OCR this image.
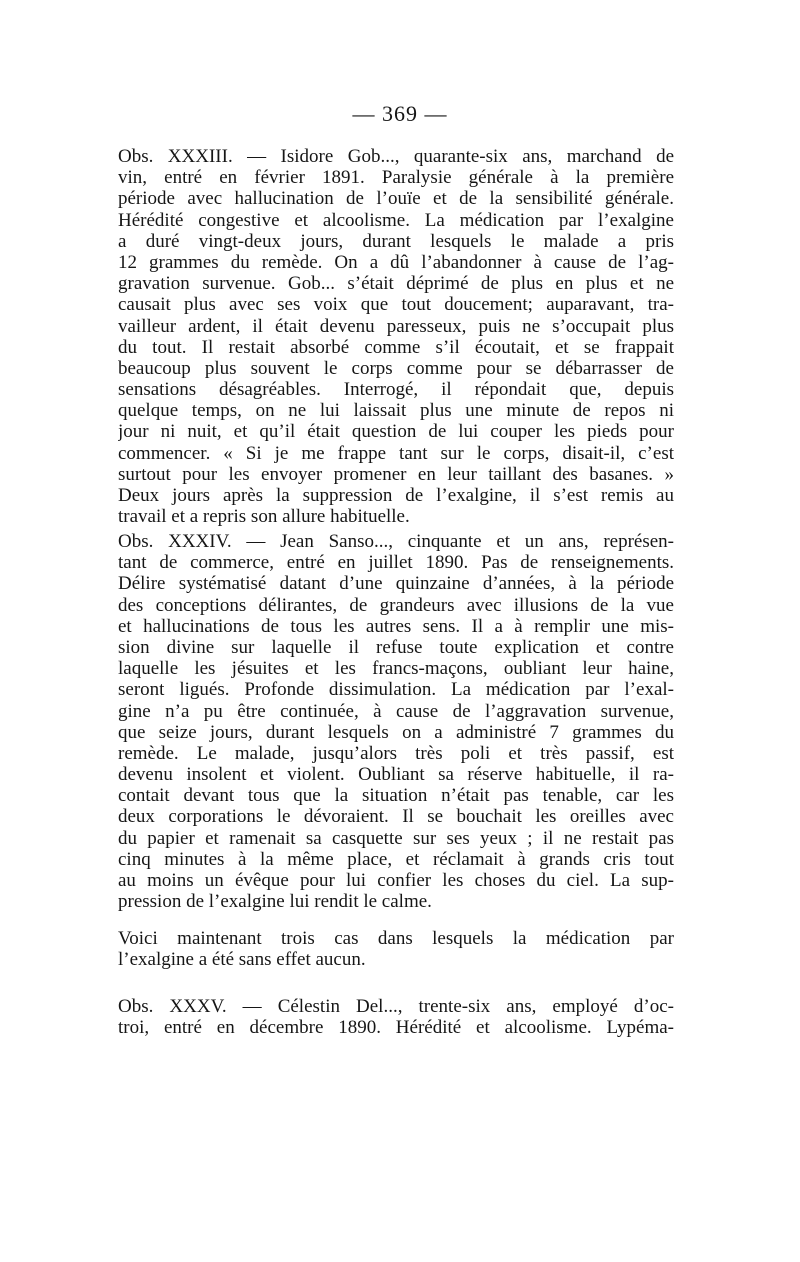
— 369 —
Obs. XXXIII. — Isidore Gob..., quarante-six ans, marchand de
vin, entré en février 1891. Paralysie générale à la première
période avec hallucination de l’ouïe et de la sensibilité générale.
Hérédité congestive et alcoolisme. La médication par l’exalgine
a duré vingt-deux jours, durant lesquels le malade a pris
12 grammes du remède. On a dû l’abandonner à cause de l’ag-
gravation survenue. Gob... s’était déprimé de plus en plus et ne
causait plus avec ses voix que tout doucement; auparavant, tra-
vailleur ardent, il était devenu paresseux, puis ne s’occupait plus
du tout. Il restait absorbé comme s’il écoutait, et se frappait
beaucoup plus souvent le corps comme pour se débarrasser de
sensations désagréables. Interrogé, il répondait que, depuis
quelque temps, on ne lui laissait plus une minute de repos ni
jour ni nuit, et qu’il était question de lui couper les pieds pour
commencer. « Si je me frappe tant sur le corps, disait-il, c’est
surtout pour les envoyer promener en leur taillant des basanes. »
Deux jours après la suppression de l’exalgine, il s’est remis au
travail et a repris son allure habituelle.
Obs. XXXIV. — Jean Sanso..., cinquante et un ans, représen-
tant de commerce, entré en juillet 1890. Pas de renseignements.
Délire systématisé datant d’une quinzaine d’années, à la période
des conceptions délirantes, de grandeurs avec illusions de la vue
et hallucinations de tous les autres sens. Il a à remplir une mis-
sion divine sur laquelle il refuse toute explication et contre
laquelle les jésuites et les francs-maçons, oubliant leur haine,
seront ligués. Profonde dissimulation. La médication par l’exal-
gine n’a pu être continuée, à cause de l’aggravation survenue,
que seize jours, durant lesquels on a administré 7 grammes du
remède. Le malade, jusqu’alors très poli et très passif, est
devenu insolent et violent. Oubliant sa réserve habituelle, il ra-
contait devant tous que la situation n’était pas tenable, car les
deux corporations le dévoraient. Il se bouchait les oreilles avec
du papier et ramenait sa casquette sur ses yeux ; il ne restait pas
cinq minutes à la même place, et réclamait à grands cris tout
au moins un évêque pour lui confier les choses du ciel. La sup-
pression de l’exalgine lui rendit le calme.
Voici maintenant trois cas dans lesquels la médication par
l’exalgine a été sans effet aucun.
Obs. XXXV. — Célestin Del..., trente-six ans, employé d’oc-
troi, entré en décembre 1890. Hérédité et alcoolisme. Lypéma-
